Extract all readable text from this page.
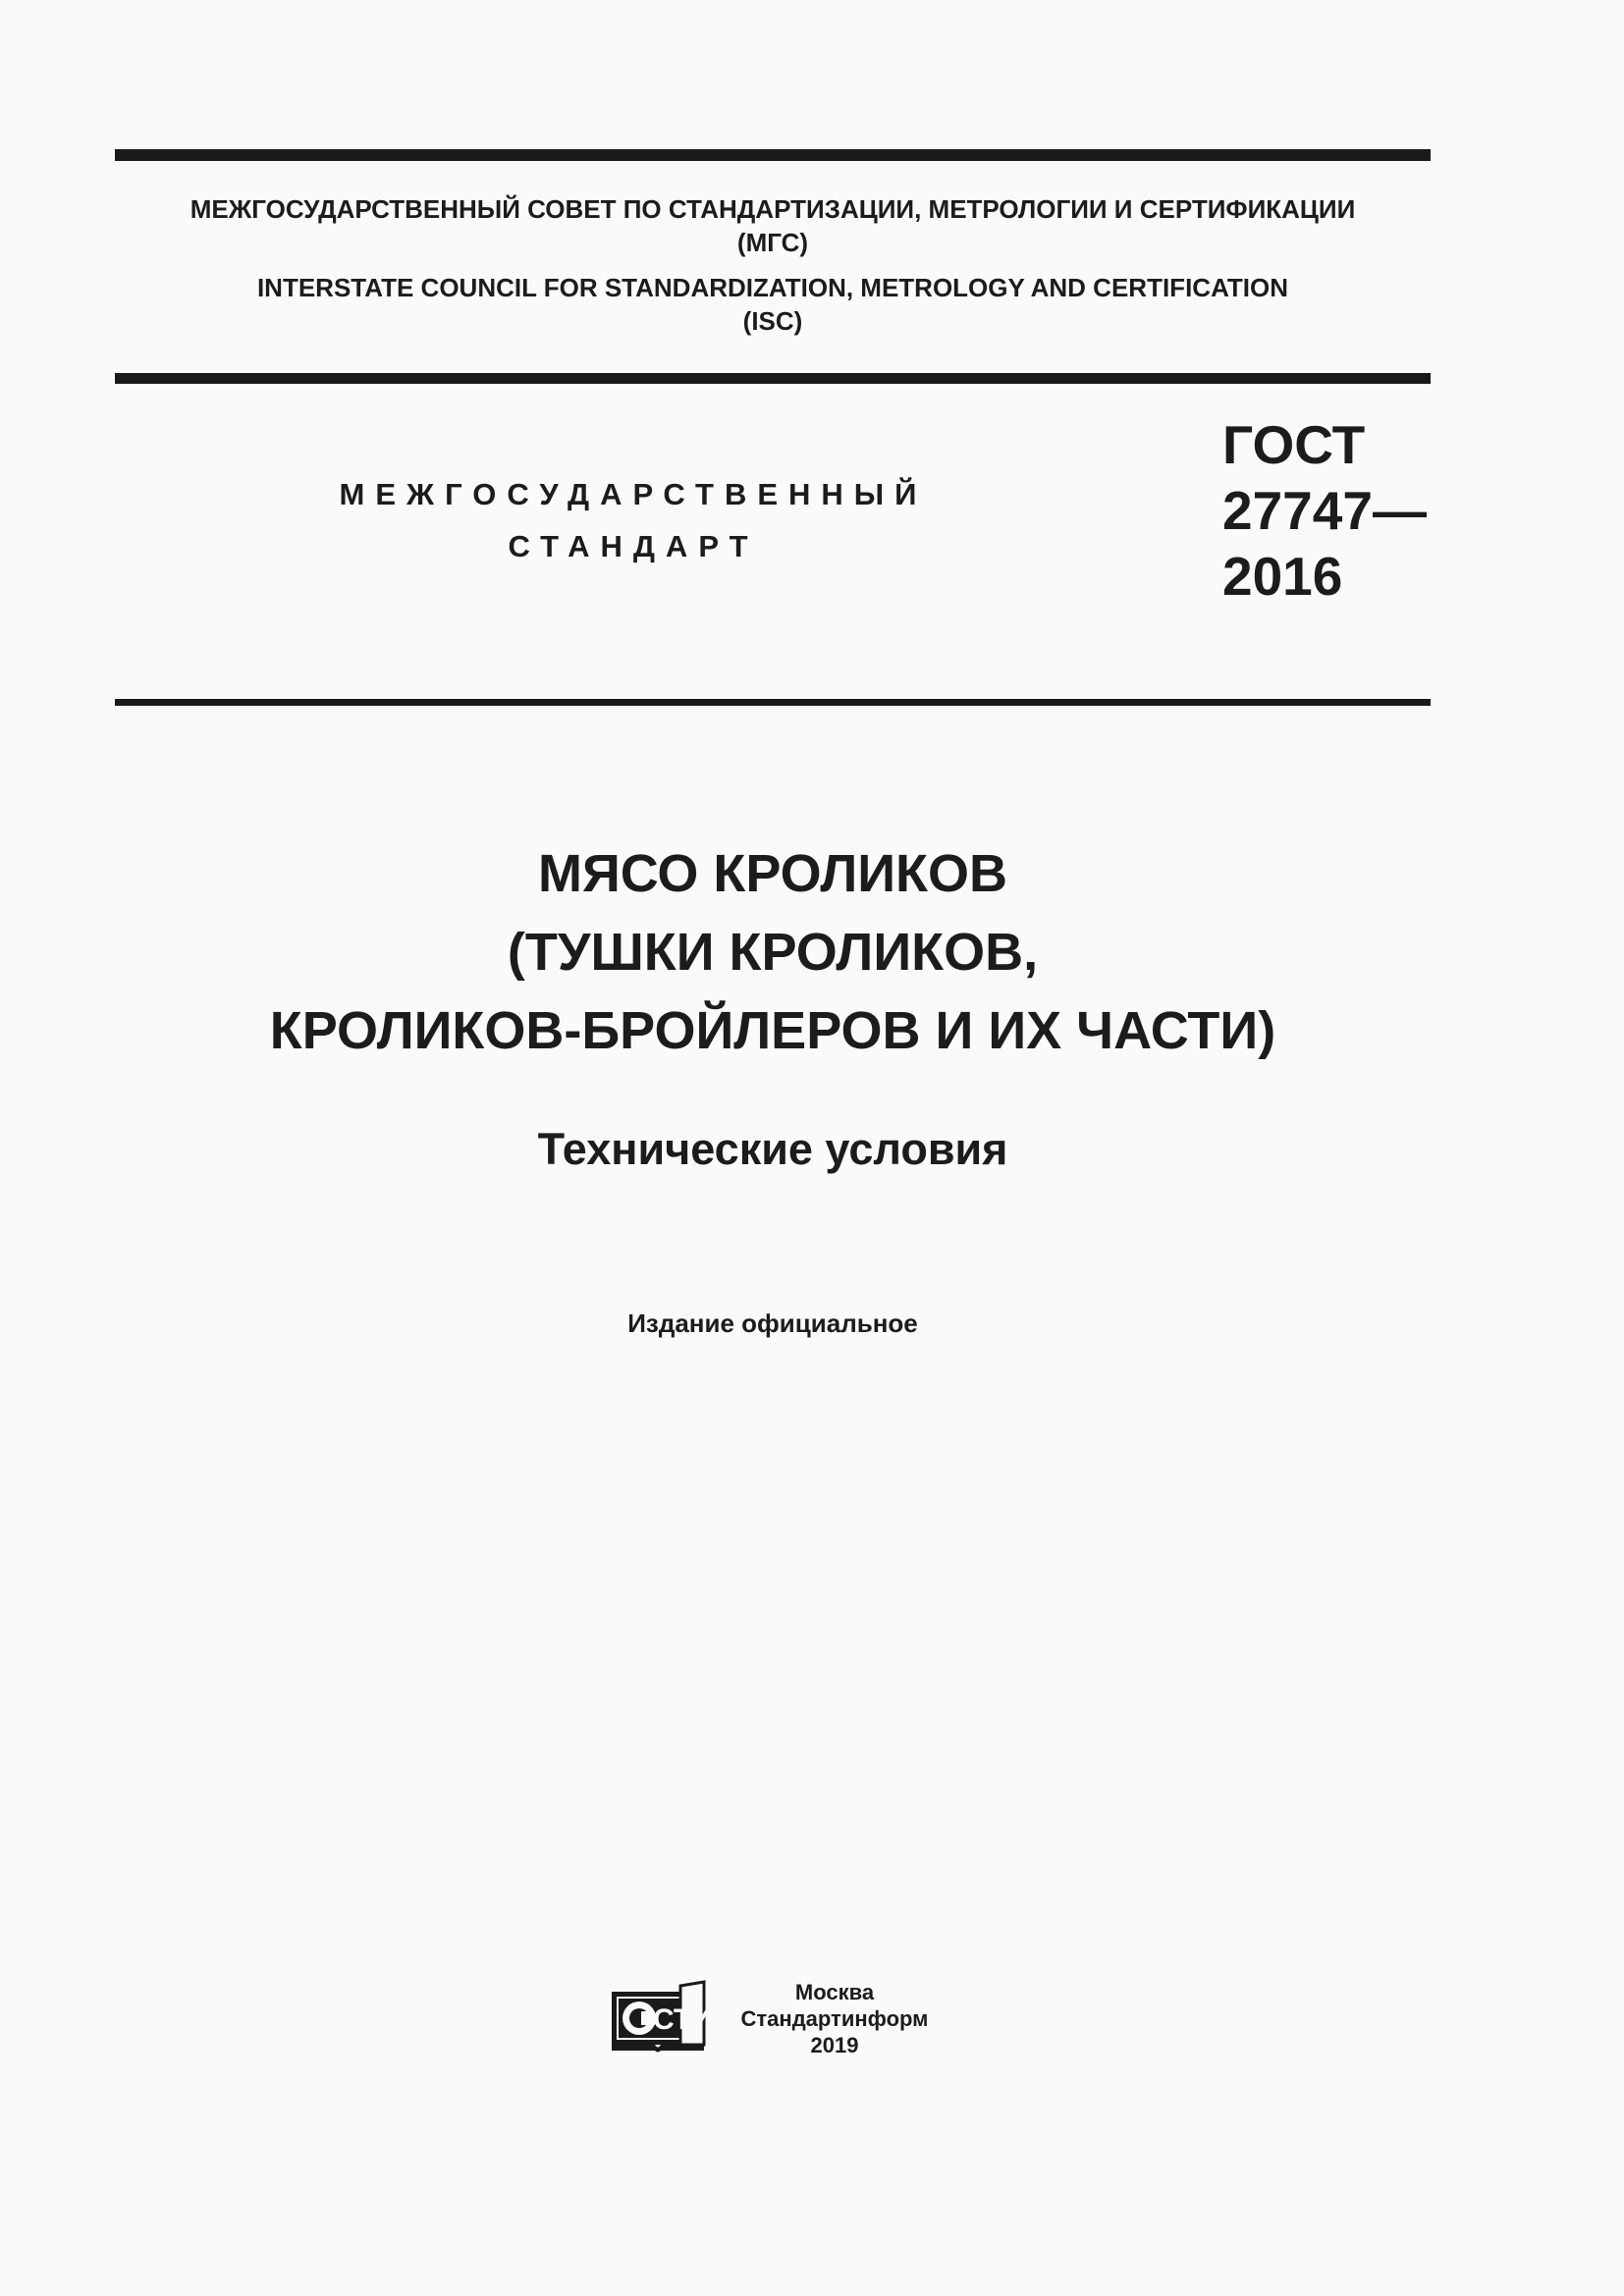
МЕЖГОСУДАРСТВЕННЫЙ СОВЕТ ПО СТАНДАРТИЗАЦИИ, МЕТРОЛОГИИ И СЕРТИФИКАЦИИ
(МГС)
INTERSTATE COUNCIL FOR STANDARDIZATION, METROLOGY AND CERTIFICATION
(ISC)
МЕЖГОСУДАРСТВЕННЫЙ
СТАНДАРТ
ГОСТ
27747—
2016
МЯСО КРОЛИКОВ
(ТУШКИ КРОЛИКОВ,
КРОЛИКОВ-БРОЙЛЕРОВ И ИХ ЧАСТИ)
Технические условия
Издание официальное
СТИ
Москва
Стандартинформ
2019
